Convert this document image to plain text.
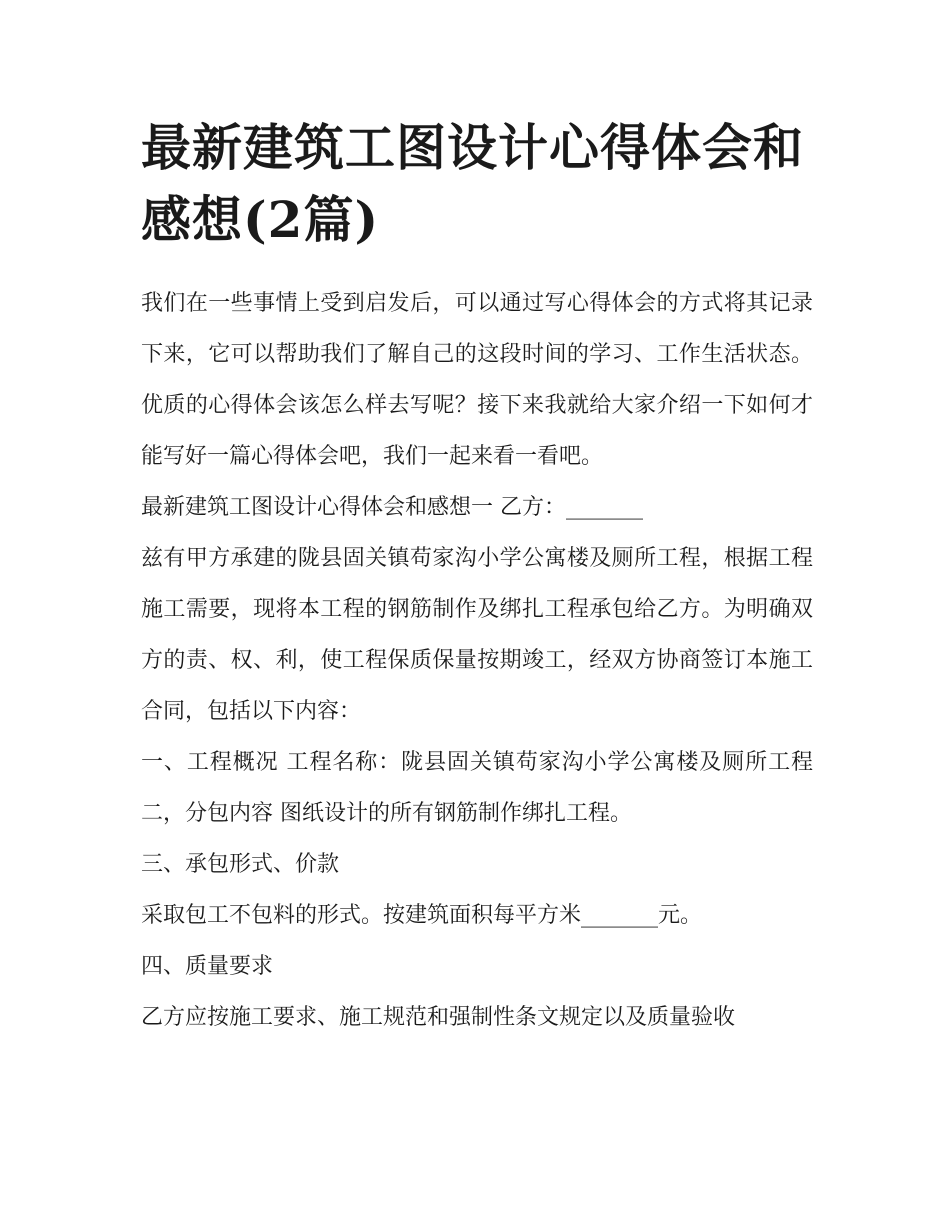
最新建筑工图设计心得体会和感想(2篇)

我们在一些事情上受到启发后，可以通过写心得体会的方式将其记录下来，它可以帮助我们了解自己的这段时间的学习、工作生活状态。优质的心得体会该怎么样去写呢？接下来我就给大家介绍一下如何才能写好一篇心得体会吧，我们一起来看一看吧。

最新建筑工图设计心得体会和感想一 乙方：_______

兹有甲方承建的陇县固关镇苟家沟小学公寓楼及厕所工程，根据工程施工需要，现将本工程的钢筋制作及绑扎工程承包给乙方。为明确双方的责、权、利，使工程保质保量按期竣工，经双方协商签订本施工合同，包括以下内容：

一、工程概况 工程名称：陇县固关镇苟家沟小学公寓楼及厕所工程 二，分包内容 图纸设计的所有钢筋制作绑扎工程。

三、承包形式、价款

采取包工不包料的形式。按建筑面积每平方米_______元。

四、质量要求

乙方应按施工要求、施工规范和强制性条文规定以及质量验收
